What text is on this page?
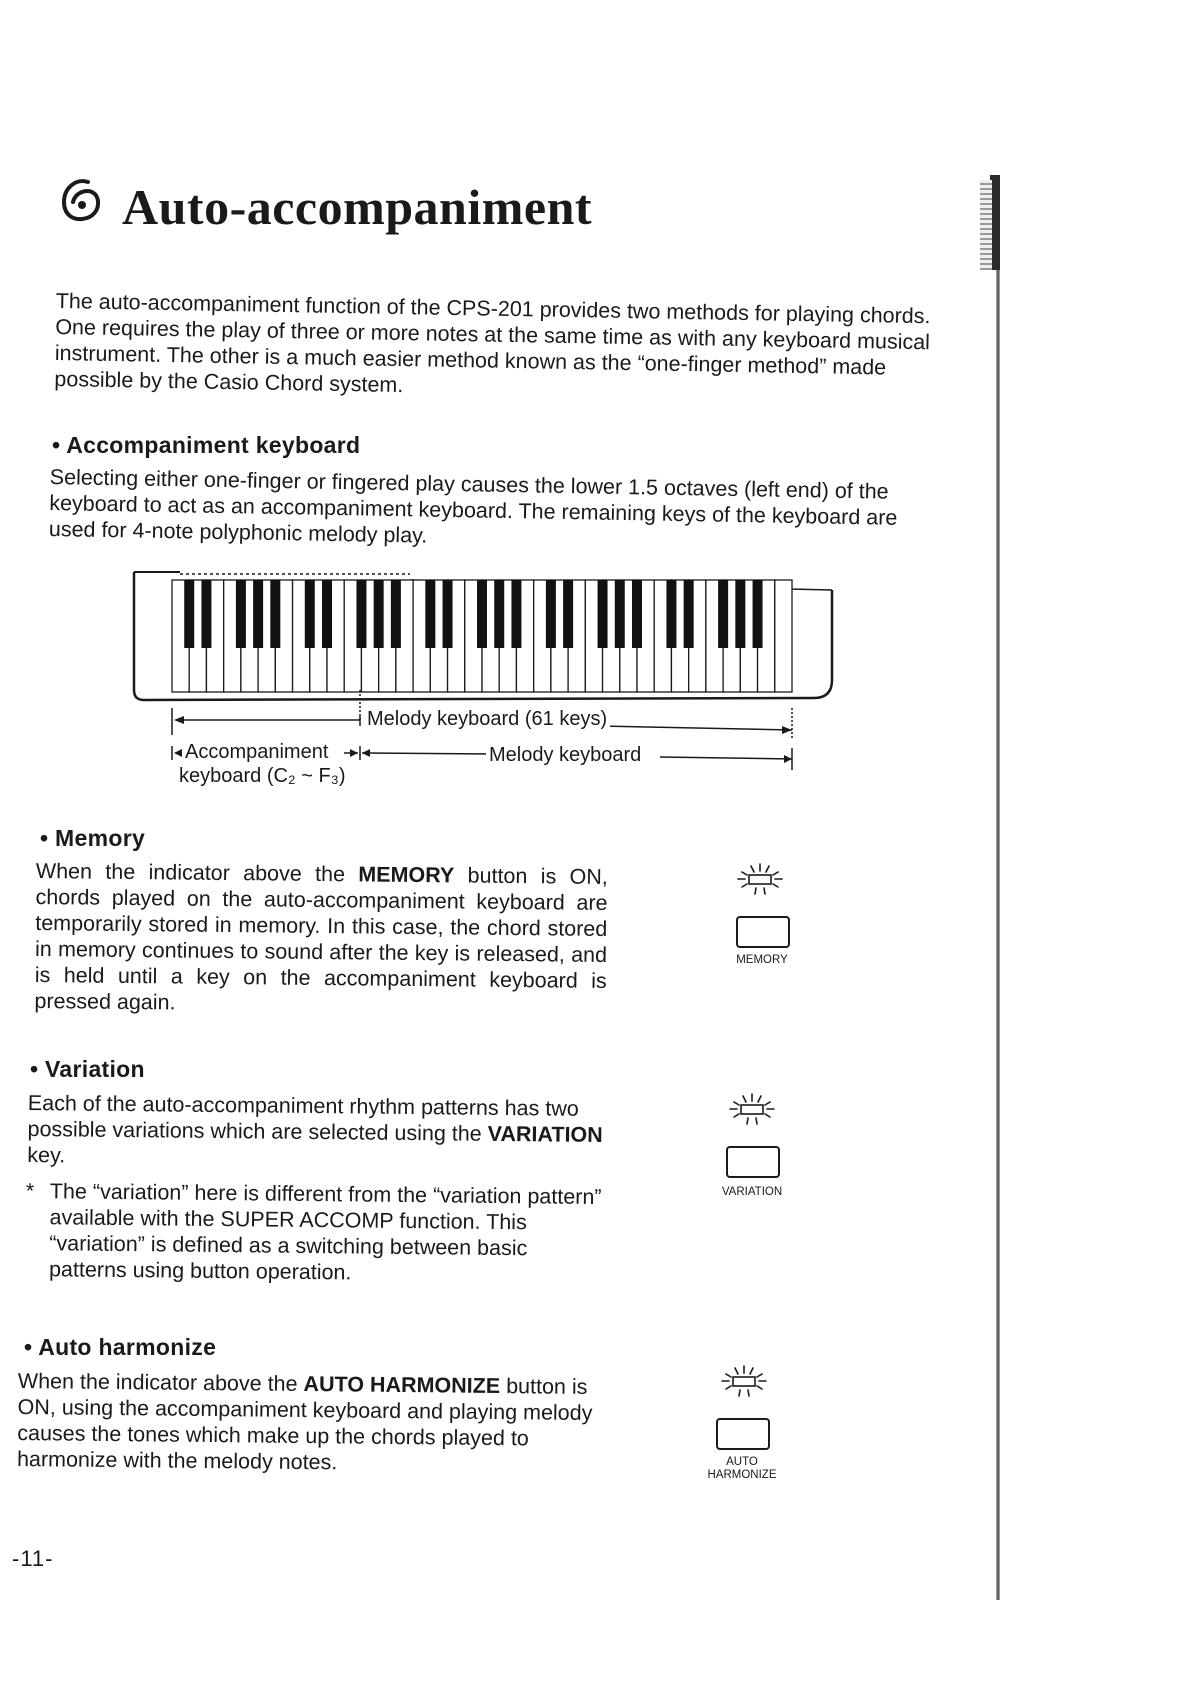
Auto-accompaniment

The auto-accompaniment function of the CPS-201 provides two methods for playing chords. One requires the play of three or more notes at the same time as with any keyboard musical instrument. The other is a much easier method known as the “one-finger method” made possible by the Casio Chord system.

• Accompaniment keyboard

Selecting either one-finger or fingered play causes the lower 1.5 octaves (left end) of the keyboard to act as an accompaniment keyboard. The remaining keys of the keyboard are used for 4-note polyphonic melody play.

Melody keyboard (61 keys)
Accompaniment
keyboard (C₂ ~ F₃)
Melody keyboard
• Memory

When the indicator above the MEMORY button is ON, chords played on the auto-accompaniment keyboard are temporarily stored in memory. In this case, the chord stored in memory continues to sound after the key is released, and is held until a key on the accompaniment keyboard is pressed again.

MEMORY
• Variation

Each of the auto-accompaniment rhythm patterns has two possible variations which are selected using the VARIATION key.

* The “variation” here is different from the “variation pattern” available with the SUPER ACCOMP function. This “variation” is defined as a switching between basic patterns using button operation.

VARIATION
• Auto harmonize

When the indicator above the AUTO HARMONIZE button is ON, using the accompaniment keyboard and playing melody causes the tones which make up the chords played to harmonize with the melody notes.	AUTO
HARMONIZE
-11-
